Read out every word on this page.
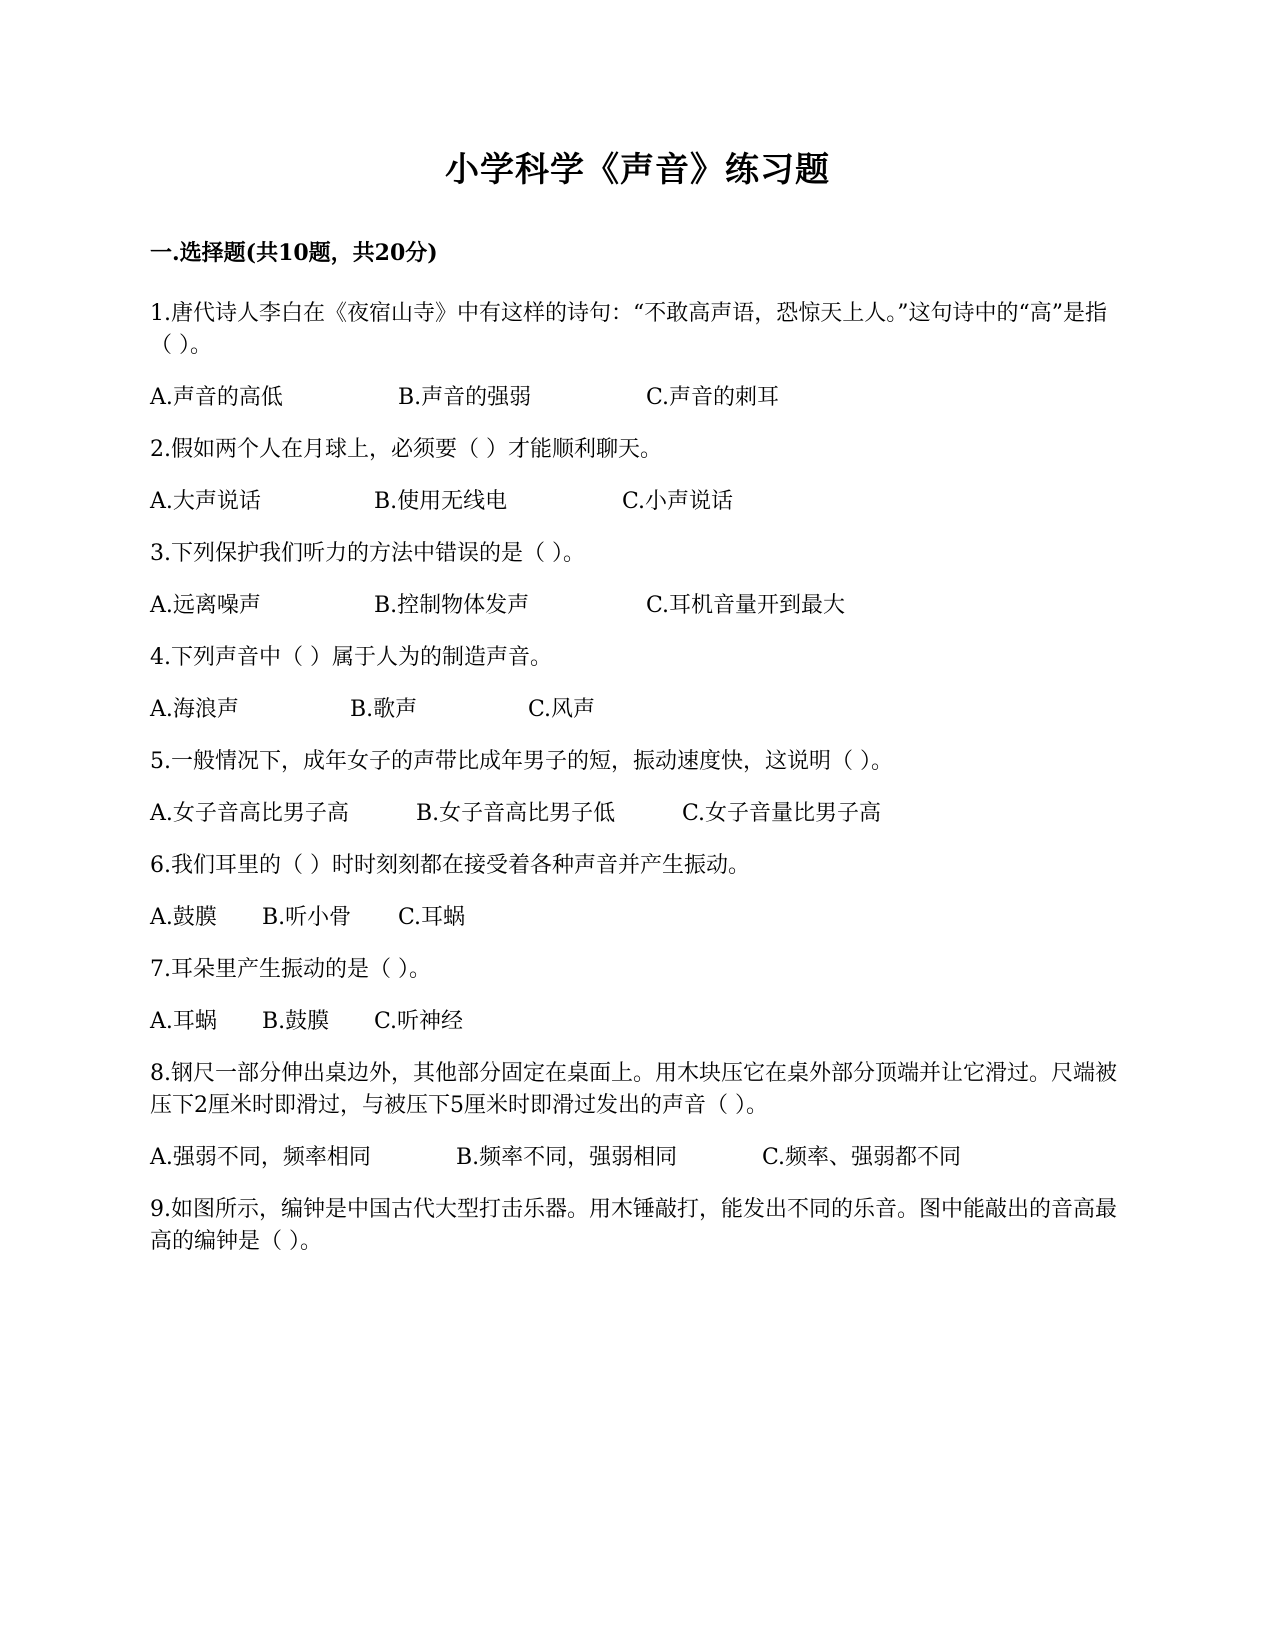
小学科学《声音》练习题
一.选择题(共10题，共20分)

1.唐代诗人李白在《夜宿山寺》中有这样的诗句：“不敢高声语，恐惊天上人。”这句诗中的“高”是指（ ）。

A.声音的高低	B.声音的强弱	C.声音的刺耳

2.假如两个人在月球上，必须要（ ）才能顺利聊天。

A.大声说话	B.使用无线电	C.小声说话

3.下列保护我们听力的方法中错误的是（ ）。

A.远离噪声	B.控制物体发声	C.耳机音量开到最大

4.下列声音中（ ）属于人为的制造声音。

A.海浪声	B.歌声	C.风声

5.一般情况下，成年女子的声带比成年男子的短，振动速度快，这说明（ ）。

A.女子音高比男子高	B.女子音高比男子低	C.女子音量比男子高

6.我们耳里的（ ）时时刻刻都在接受着各种声音并产生振动。

A.鼓膜	B.听小骨	C.耳蜗

7.耳朵里产生振动的是（ ）。

A.耳蜗	B.鼓膜	C.听神经

8.钢尺一部分伸出桌边外，其他部分固定在桌面上。用木块压它在桌外部分顶端并让它滑过。尺端被压下2厘米时即滑过，与被压下5厘米时即滑过发出的声音（ ）。

A.强弱不同，频率相同	B.频率不同，强弱相同	C.频率、强弱都不同

9.如图所示，编钟是中国古代大型打击乐器。用木锤敲打，能发出不同的乐音。图中能敲出的音高最高的编钟是（ ）。
